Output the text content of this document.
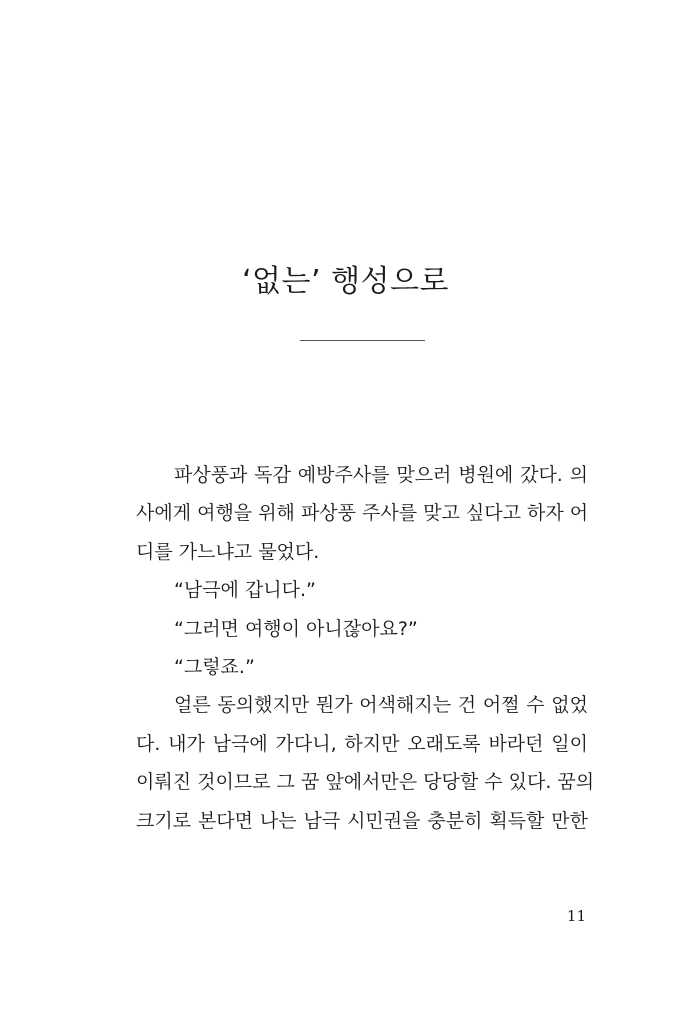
‘없는’ 행성으로

파상풍과 독감 예방주사를 맞으러 병원에 갔다. 의
사에게 여행을 위해 파상풍 주사를 맞고 싶다고 하자 어
디를 가느냐고 물었다.

“남극에 갑니다.”

“그러면 여행이 아니잖아요?”

“그렇죠.”

얼른 동의했지만 뭔가 어색해지는 건 어쩔 수 없었
다. 내가 남극에 가다니, 하지만 오래도록 바라던 일이
이뤄진 것이므로 그 꿈 앞에서만은 당당할 수 있다. 꿈의
크기로 본다면 나는 남극 시민권을 충분히 획득할 만한

11
